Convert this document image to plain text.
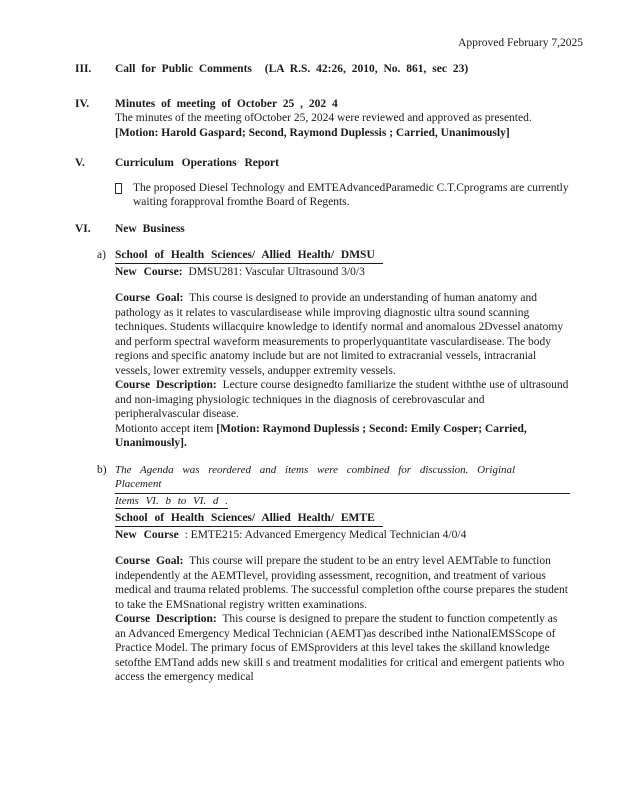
Approved February 7,2025
III.	Call for Public Comments (LA R.S. 42:26, 2010, No. 861, sec 23)
IV.	Minutes of meeting of October 25 , 202 4

The minutes of the meeting ofOctober 25, 2024 were reviewed and approved as presented. [Motion: Harold Gaspard; Second, Raymond Duplessis ; Carried, Unanimously]

V.	Curriculum Operations Report

The proposed Diesel Technology and EMTEAdvancedParamedic C.T.Cprograms are currently waiting forapproval fromthe Board of Regents.

VI.	New Business
a) School of Health Sciences/ Allied Health/ DMSU
New Course: DMSU281: Vascular Ultrasound 3/0/3

Course Goal: This course is designed to provide an understanding of human anatomy and pathology as it relates to vasculardisease while improving diagnostic ultra sound scanning techniques. Students willacquire knowledge to identify normal and anomalous 2Dvessel anatomy and perform spectral waveform measurements to properlyquantitate vasculardisease. The body regions and specific anatomy include but are not limited to extracranial vessels, intracranial vessels, lower extremity vessels, andupper extremity vessels.

Course Description: Lecture course designedto familiarize the student withthe use of ultrasound and non-imaging physiologic techniques in the diagnosis of cerebrovascular and peripheralvascular disease.

Motionto accept item [Motion: Raymond Duplessis ; Second: Emily Cosper; Carried, Unanimously].

b) The Agenda was reordered and items were combined for discussion. Original Placement
Items VI. b to VI. d .
School of Health Sciences/ Allied Health/ EMTE
New Course : EMTE215: Advanced Emergency Medical Technician 4/0/4

Course Goal: This course will prepare the student to be an entry level AEMTable to function independently at the AEMTlevel, providing assessment, recognition, and treatment of various medical and trauma related problems. The successful completion ofthe course prepares the student to take the EMSnational registry written examinations.

Course Description: This course is designed to prepare the student to function competently as an Advanced Emergency Medical Technician (AEMT)as described inthe NationalEMSScope of Practice Model. The primary focus of EMSproviders at this level takes the skilland knowledge setofthe EMTand adds new skill s and treatment modalities for critical and emergent patients who access the emergency medical
